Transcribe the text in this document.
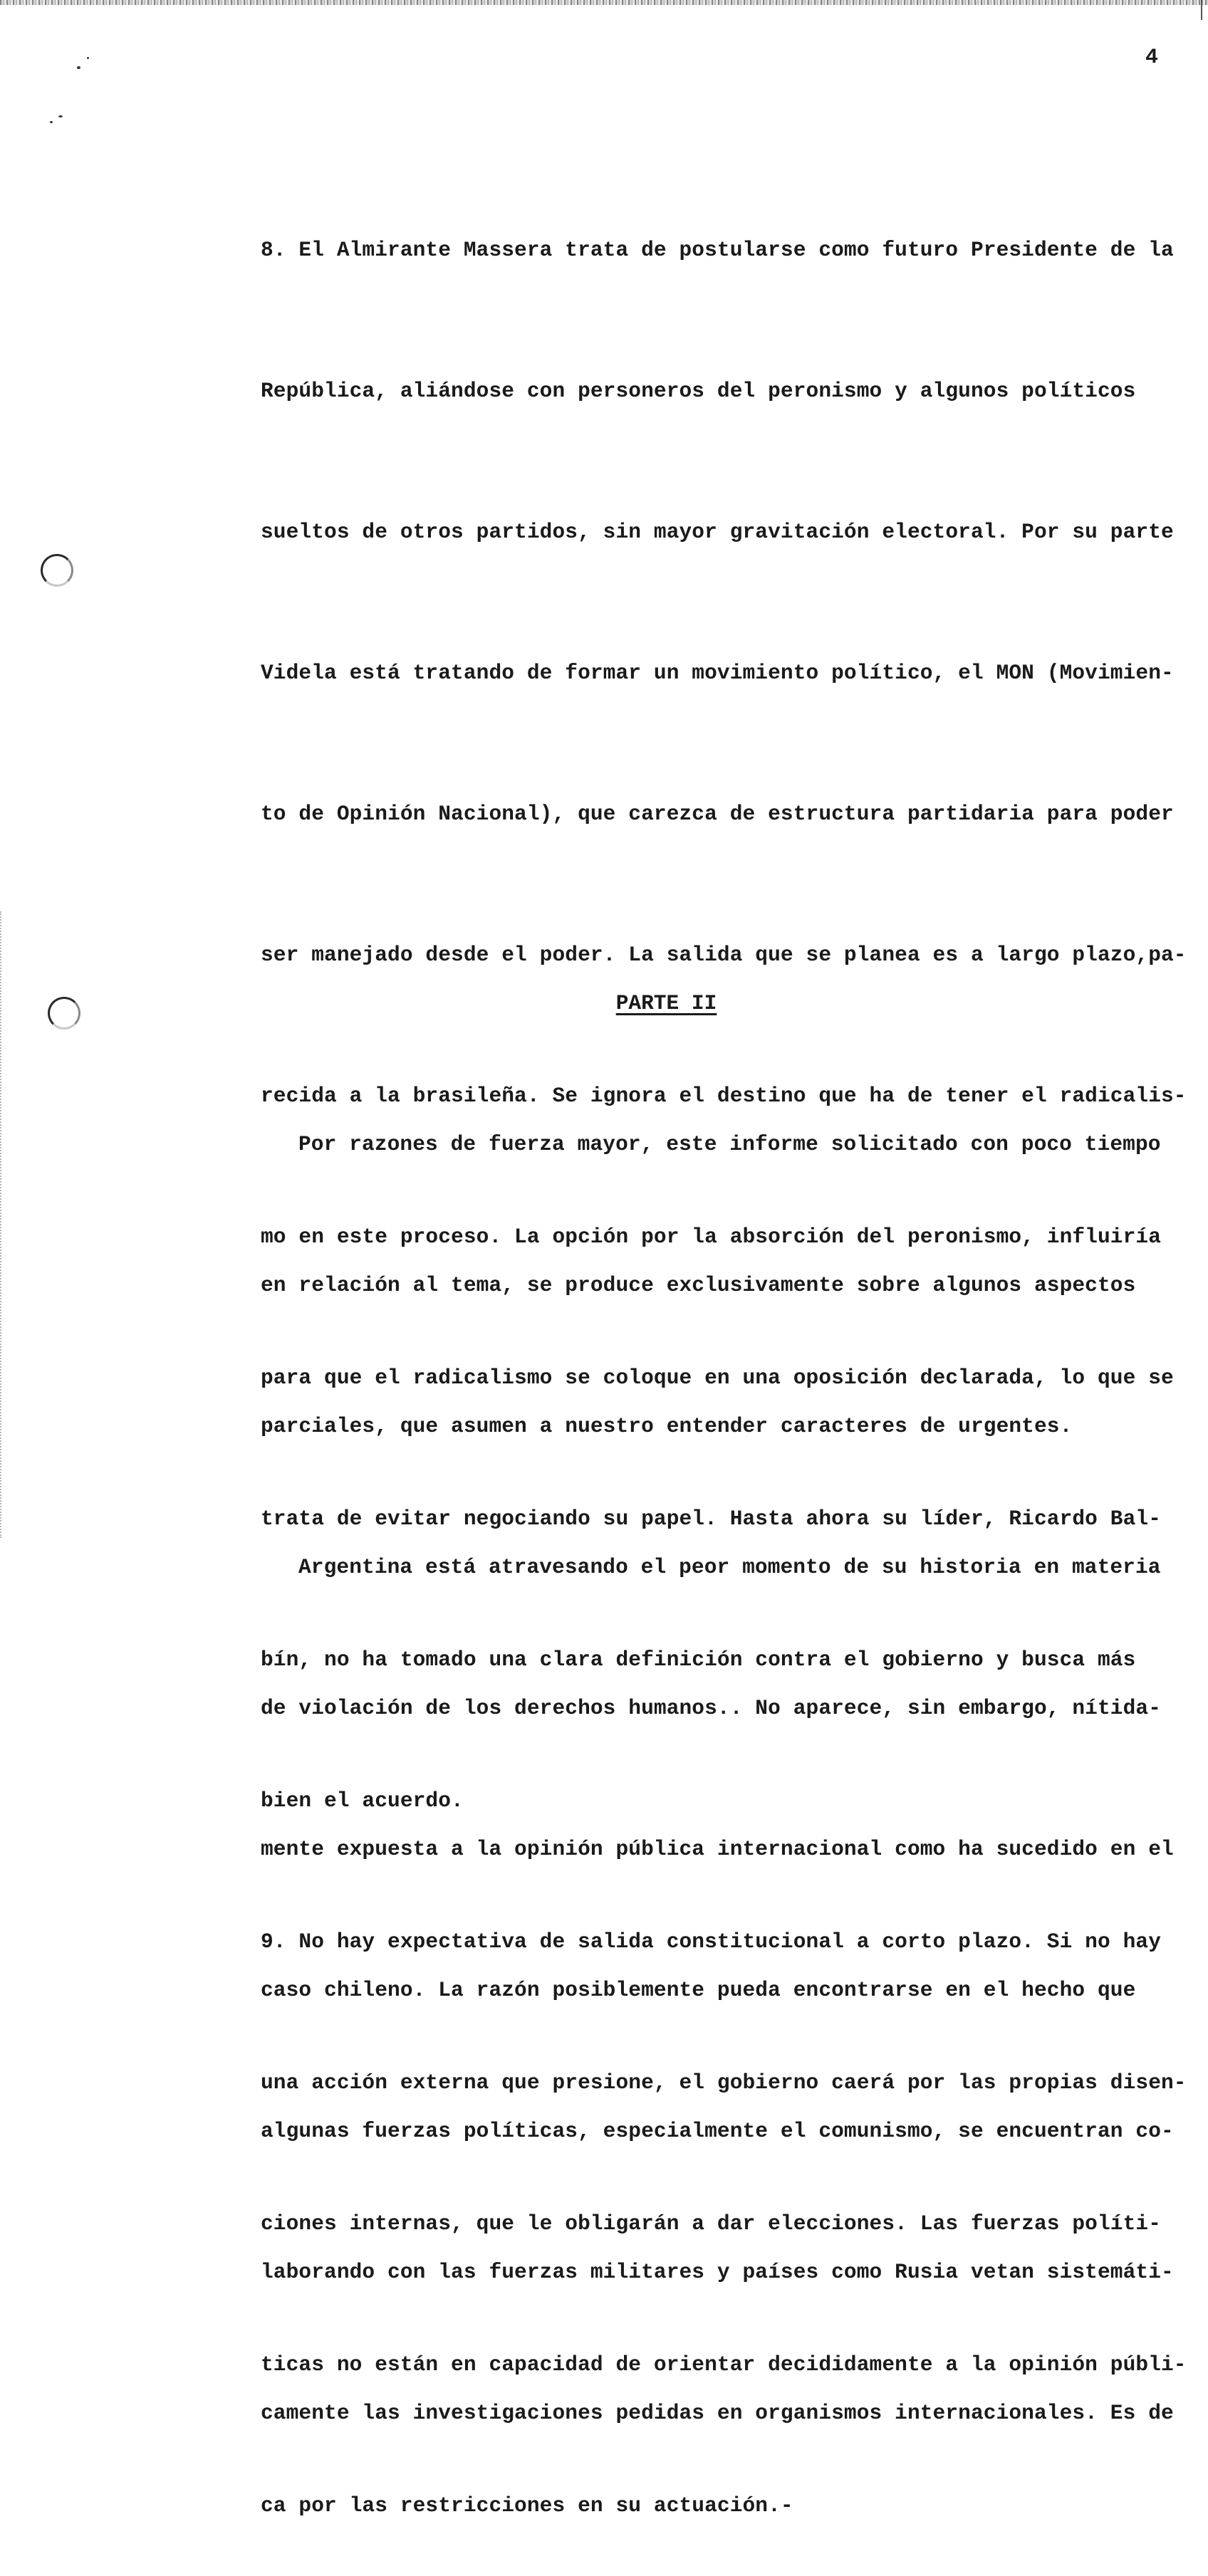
4

8. El Almirante Massera trata de postularse como futuro Presidente de la

República, aliándose con personeros del peronismo y algunos políticos

sueltos de otros partidos, sin mayor gravitación electoral. Por su parte

Videla está tratando de formar un movimiento político, el MON (Movimien-

to de Opinión Nacional), que carezca de estructura partidaria para poder

ser manejado desde el poder. La salida que se planea es a largo plazo,pa-

recida a la brasileña. Se ignora el destino que ha de tener el radicalis-

mo en este proceso. La opción por la absorción del peronismo, influiría

para que el radicalismo se coloque en una oposición declarada, lo que se

trata de evitar negociando su papel. Hasta ahora su líder, Ricardo Bal-

bín, no ha tomado una clara definición contra el gobierno y busca más

bien el acuerdo.

9. No hay expectativa de salida constitucional a corto plazo. Si no hay

una acción externa que presione, el gobierno caerá por las propias disen-

ciones internas, que le obligarán a dar elecciones. Las fuerzas políti-

ticas no están en capacidad de orientar decididamente a la opinión públi-

ca por las restricciones en su actuación.-

PARTE II

Por razones de fuerza mayor, este informe solicitado con poco tiempo

en relación al tema, se produce exclusivamente sobre algunos aspectos

parciales, que asumen a nuestro entender caracteres de urgentes.

Argentina está atravesando el peor momento de su historia en materia

de violación de los derechos humanos.. No aparece, sin embargo, nítida-

mente expuesta a la opinión pública internacional como ha sucedido en el

caso chileno. La razón posiblemente pueda encontrarse en el hecho que

algunas fuerzas políticas, especialmente el comunismo, se encuentran co-

laborando con las fuerzas militares y países como Rusia vetan sistemáti-

camente las investigaciones pedidas en organismos internacionales. Es de
